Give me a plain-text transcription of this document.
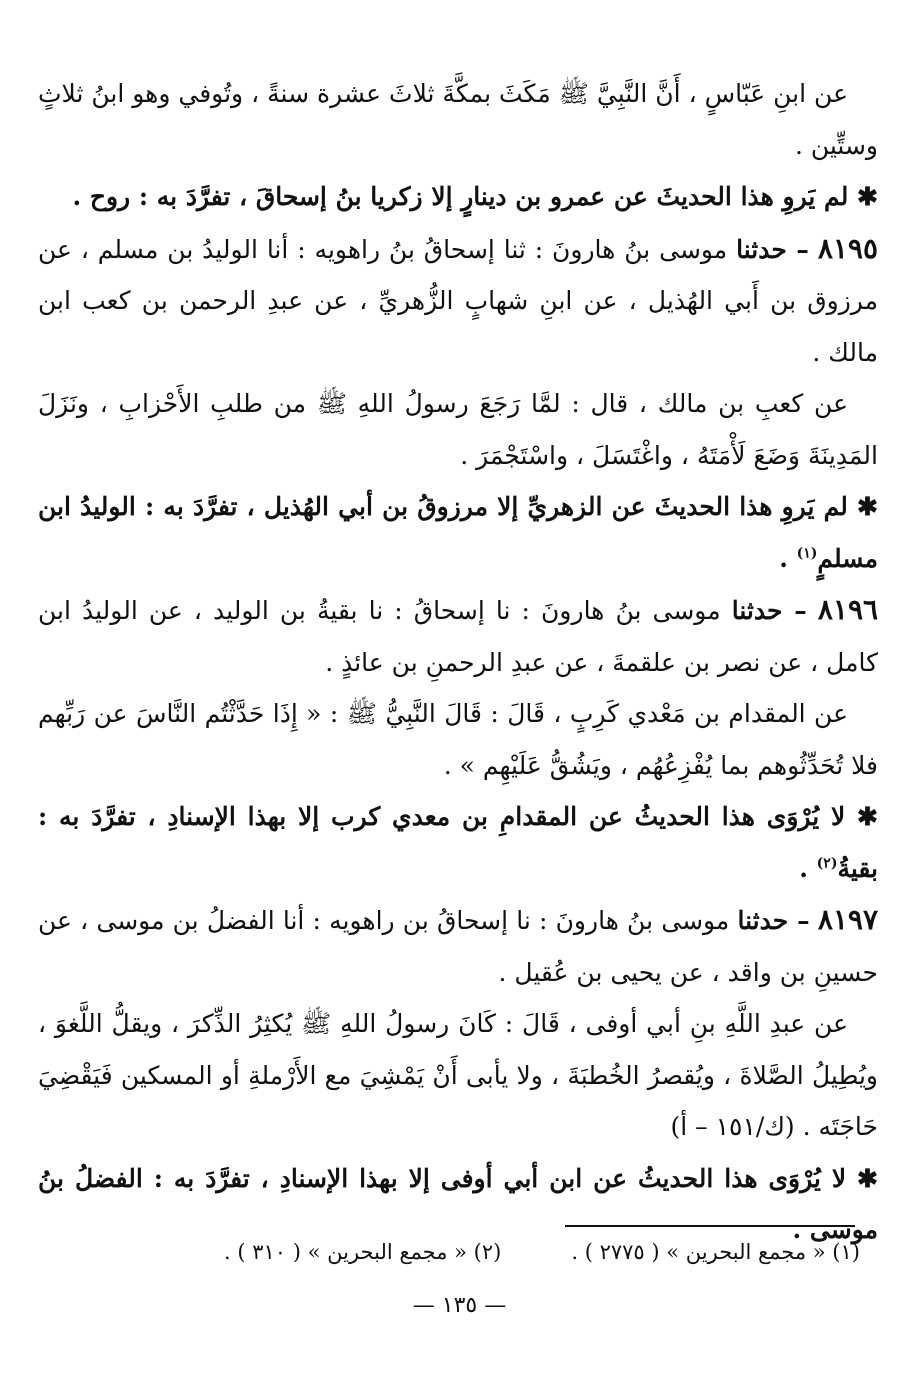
عن ابنِ عَبّاسٍ ، أَنَّ النَّبِيَّ ﷺ مَكَثَ بمكَّةَ ثلاثَ عشرة سنةً ، وتُوفي وهو ابنُ ثلاثٍ وستِّين .

✱ لم يَروِ هذا الحديثَ عن عمرو بن دينارٍ إلا زكريا بنُ إسحاقَ ، تفرَّدَ به : روح .

٨١٩٥ – حدثنا موسى بنُ هارونَ : ثنا إسحاقُ بنُ راهويه : أنا الوليدُ بن مسلم ، عن مرزوق بن أَبي الهُذيل ، عن ابنِ شهابٍ الزُّهريِّ ، عن عبدِ الرحمن بن كعب ابن مالك .

عن كعبِ بن مالك ، قال : لمَّا رَجَعَ رسولُ اللهِ ﷺ من طلبِ الأَحْزابِ ، ونَزَلَ المَدِينَةَ وَضَعَ لَأْمَتَهُ ، واغْتَسَلَ ، واسْتَجْمَرَ .

✱ لم يَروِ هذا الحديثَ عن الزهريِّ إلا مرزوقُ بن أبي الهُذيل ، تفرَّدَ به : الوليدُ ابن مسلمٍ$^{(١)}$ .

٨١٩٦ – حدثنا موسى بنُ هارونَ : نا إسحاقُ : نا بقيةُ بن الوليد ، عن الوليدُ ابن كامل ، عن نصر بن علقمةَ ، عن عبدِ الرحمنِ بن عائذٍ .

عن المقدام بن مَعْدي كَرِبٍ ، قَالَ : قَالَ النَّبِيُّ ﷺ : « إِذَا حَدَّثْتُم النَّاسَ عن رَبِّهم فلا تُحَدِّثُوهم بما يُفْزِعُهُم ، ويَشُقُّ عَلَيْهِم » .

✱ لا يُرْوَى هذا الحديثُ عن المقدامِ بن معدي كرب إلا بهذا الإسنادِ ، تفرَّدَ به : بقيةُ$^{(٢)}$ .

٨١٩٧ – حدثنا موسى بنُ هارونَ : نا إسحاقُ بن راهويه : أنا الفضلُ بن موسى ، عن حسينِ بن واقد ، عن يحيى بن عُقيل .

عن عبدِ اللَّهِ بنِ أبي أوفى ، قَالَ : كَانَ رسولُ اللهِ ﷺ يُكثِرُ الذِّكرَ ، ويقلُّ اللَّغوَ ، ويُطِيلُ الصَّلاةَ ، ويُقصرُ الخُطبَةَ ، ولا يأبى أَنْ يَمْشِيَ مع الأَرْملةِ أو المسكين فَيَقْضِيَ حَاجَتَه . (ك/١٥١ – أ)

✱ لا يُرْوَى هذا الحديثُ عن ابن أبي أوفى إلا بهذا الإسنادِ ، تفرَّدَ به : الفضلُ بنُ موسى .

(١) « مجمع البحرين » ( ٢٧٧٥ ) .
(٢) « مجمع البحرين » ( ٣١٠ ) .
— ١٣٥ —
